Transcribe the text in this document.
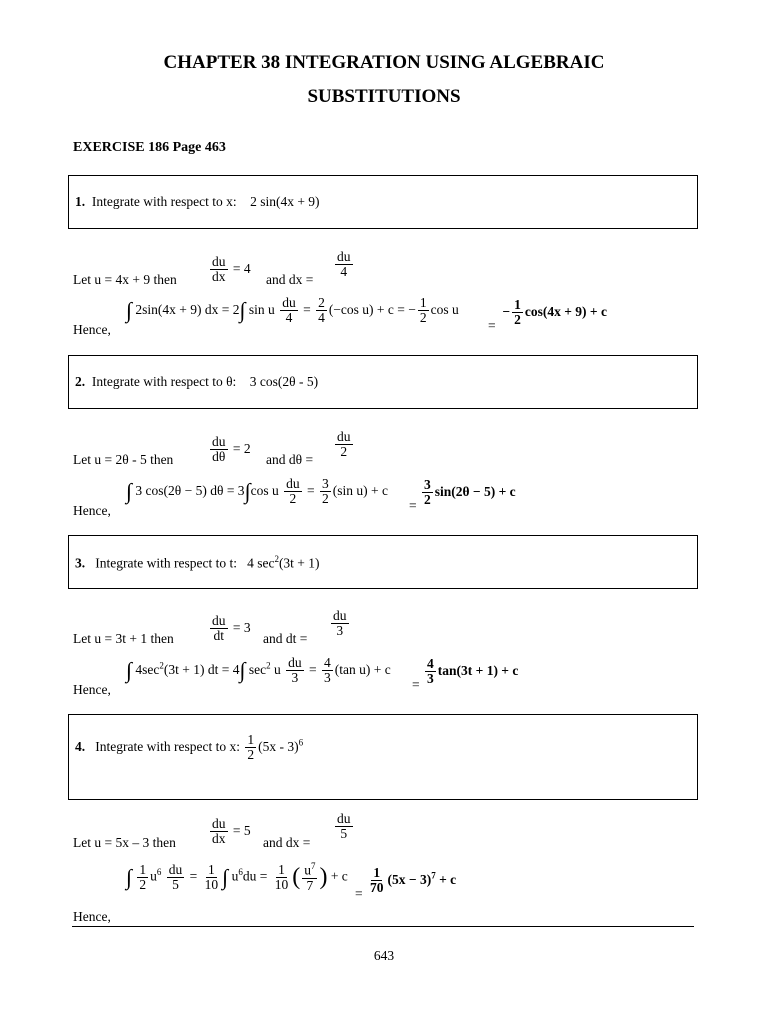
CHAPTER 38 INTEGRATION USING ALGEBRAIC
SUBSTITUTIONS
EXERCISE 186 Page 463
1.  Integrate with respect to x:    2 sin(4x + 9)
Let u = 4x + 9 then $\frac{du}{dx} = 4$
and dx =
$\frac{du}{4}$
Hence,
∫ 2sin(4x + 9) dx = 2∫ sin u $\frac{du}{4} = \frac{2}{4} (-\cos$ u) + c = − $\frac{1}{2}$ cos u
=  − $\frac{1}{2} \cos(4x + 9) + c$
2.  Integrate with respect to θ:    3 cos(2θ - 5)
Let u = 2θ - 5 then	$\frac{du}{d\theta} = 2$
and dθ =
$\frac{du}{2}$
Hence,
∫ 3 cos(2θ − 5) dθ = 3∫cos u $\frac{du}{2} = \frac{3}{2} (\sin$ u) + c
= $\frac{3}{2} \sin(2\theta - 5) + c$
3.   Integrate with respect to t:   4 $\sec^2(3t + 1)$
Let u = 3t + 1 then	$\frac{du}{dt} = 3$
and dt =
$\frac{du}{3}$
Hence,
∫ $4\sec^2(3t + 1)$ dt = 4∫ $\sec^2 u \frac{du}{3} = \frac{4}{3} (\tan$ u) + c
= $\frac{4}{3} \tan(3t + 1) + c$
4.   Integrate with respect to x: $\frac{1}{2} (5x - 3)^6$
Let u = 5x – 3 then	$\frac{du}{dx} = 5$
and dx =
$\frac{du}{5}$
∫ $\frac{1}{2} u^6 \frac{du}{5} = \frac{1}{10}$ ∫ $u^6du = \frac{1}{10}$ ( $\frac{u^7}{7}$ ) + c
= $\frac{1}{70} (5x - 3)^7 + c$
Hence,
643
